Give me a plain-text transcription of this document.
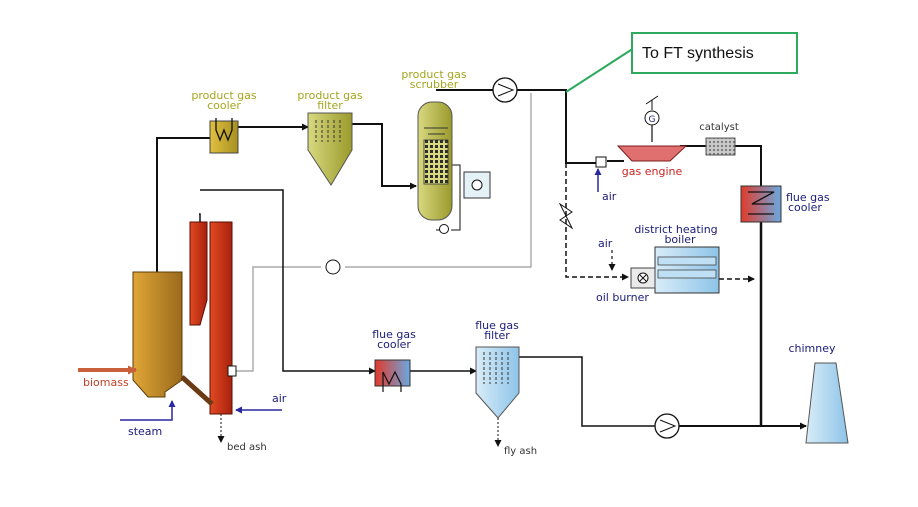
To FT synthesis
product gas
cooler
product gas
filter
product gas
scrubber
G
catalyst
gas engine
air	flue gas
cooler
district heating
boiler
air
oil burner
chimney
flue gas
cooler
flue gas
filter
biomass
steam
air
bed ash	fly ash
